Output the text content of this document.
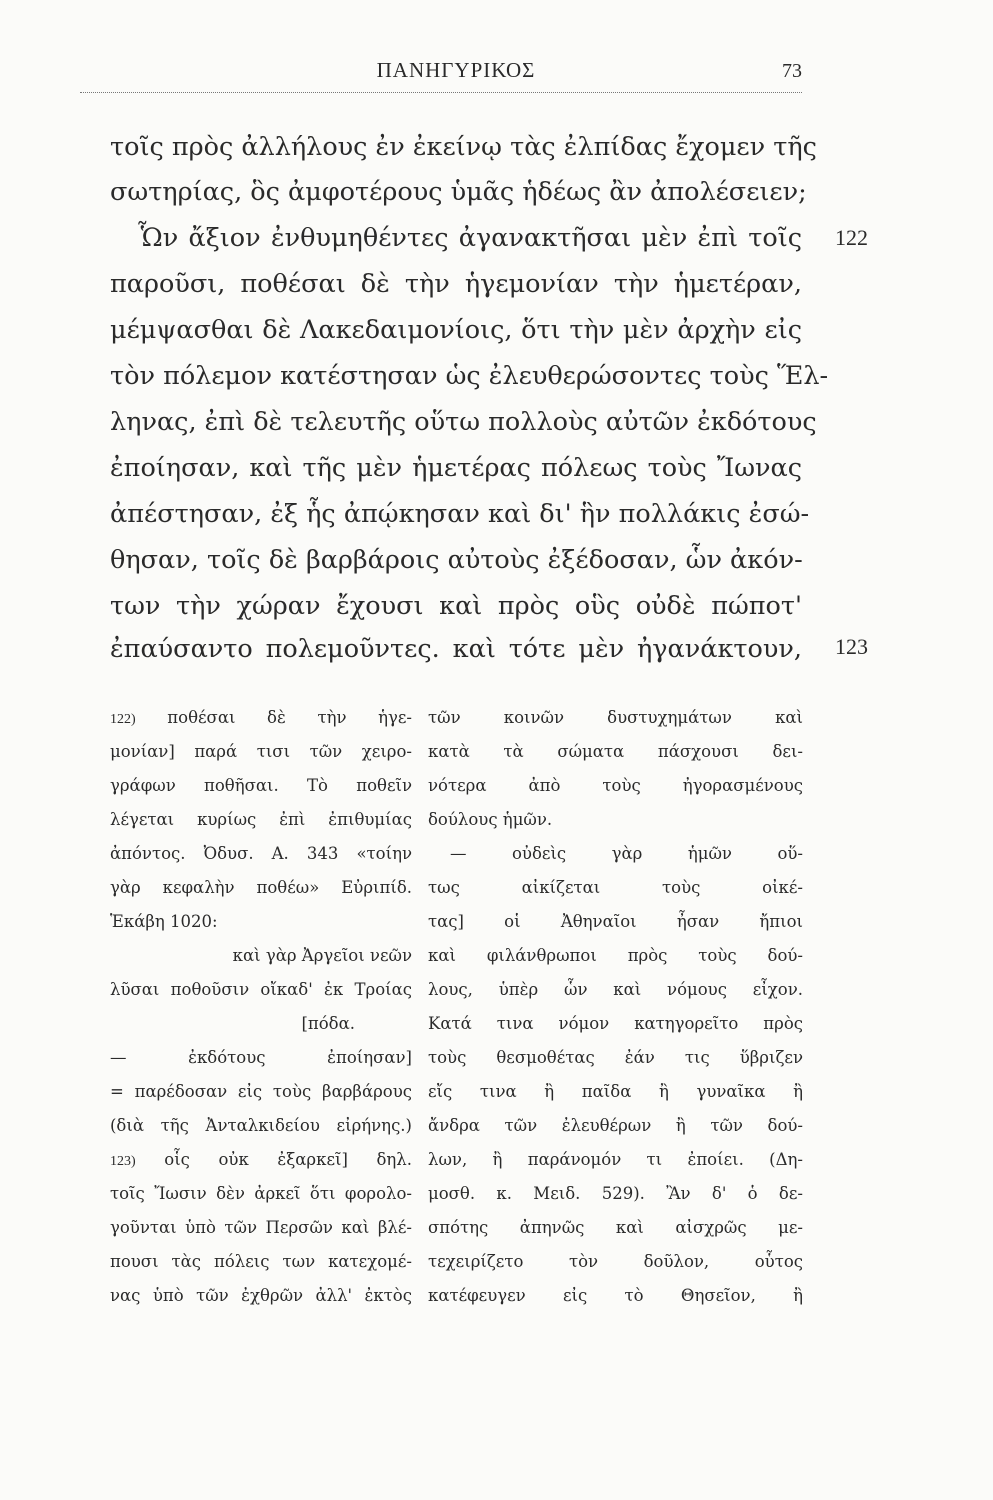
ΠΑΝΗΓΥΡΙΚΟΣ	73
τοῖς πρὸς ἀλλήλους ἐν ἐκείνῳ τὰς ἐλπίδας ἔχομεν τῆς
σωτηρίας, ὃς ἀμφοτέρους ὑμᾶς ἡδέως ἂν ἀπολέσειεν;
Ὧν ἄξιον ἐνθυμηθέντες ἀγανακτῆσαι μὲν ἐπὶ τοῖς
παροῦσι, ποθέσαι δὲ τὴν ἡγεμονίαν τὴν ἡμετέραν,
μέμψασθαι δὲ Λακεδαιμονίοις, ὅτι τὴν μὲν ἀρχὴν εἰς
τὸν πόλεμον κατέστησαν ὡς ἐλευθερώσοντες τοὺς Ἕλ-
ληνας, ἐπὶ δὲ τελευτῆς οὕτω πολλοὺς αὐτῶν ἐκδότους
ἐποίησαν, καὶ τῆς μὲν ἡμετέρας πόλεως τοὺς Ἴωνας
ἀπέστησαν, ἐξ ἧς ἀπῴκησαν καὶ δι' ἣν πολλάκις ἐσώ-
θησαν, τοῖς δὲ βαρβάροις αὐτοὺς ἐξέδοσαν, ὧν ἀκόν-
των τὴν χώραν ἔχουσι καὶ πρὸς οὓς οὐδὲ πώποτ'
ἐπαύσαντο πολεμοῦντες. καὶ τότε μὲν ἠγανάκτουν,
122
123
122) ποθέσαι δὲ τὴν ἡγε-
μονίαν] παρά τισι τῶν χειρο-
γράφων ποθῆσαι. Τὸ ποθεῖν
λέγεται κυρίως ἐπὶ ἐπιθυμίας
ἀπόντος. Ὀδυσ. Α. 343 «τοίην
γὰρ κεφαλὴν ποθέω» Εὐριπίδ.
Ἑκάβη 1020:
καὶ γὰρ Ἀργεῖοι νεῶν
λῦσαι ποθοῦσιν οἴκαδ' ἐκ Τροίας
[πόδα.
— ἐκδότους ἐποίησαν]
= παρέδοσαν εἰς τοὺς βαρβάρους
(διὰ τῆς Ἀνταλκιδείου εἰρήνης.)
123) οἷς οὐκ ἐξαρκεῖ] δηλ.
τοῖς Ἴωσιν δὲν ἀρκεῖ ὅτι φορολο-
γοῦνται ὑπὸ τῶν Περσῶν καὶ βλέ-
πουσι τὰς πόλεις των κατεχομέ-
νας ὑπὸ τῶν ἐχθρῶν ἀλλ' ἐκτὸς
τῶν κοινῶν δυστυχημάτων καὶ
κατὰ τὰ σώματα πάσχουσι δει-
νότερα ἀπὸ τοὺς ἠγορασμένους
δούλους ἡμῶν.
— οὐδεὶς γὰρ ἡμῶν οὕ-
τως αἰκίζεται τοὺς οἰκέ-
τας] οἱ Ἀθηναῖοι ἦσαν ἤπιοι
καὶ φιλάνθρωποι πρὸς τοὺς δού-
λους, ὑπὲρ ὧν καὶ νόμους εἶχον.
Κατά τινα νόμον κατηγορεῖτο πρὸς
τοὺς θεσμοθέτας ἐάν τις ὕβριζεν
εἴς τινα ἢ παῖδα ἢ γυναῖκα ἢ
ἄνδρα τῶν ἐλευθέρων ἢ τῶν δού-
λων, ἢ παράνομόν τι ἐποίει. (Δη-
μοσθ. κ. Μειδ. 529). Ἂν δ' ὁ δε-
σπότης ἀπηνῶς καὶ αἰσχρῶς με-
τεχειρίζετο τὸν δοῦλον, οὗτος
κατέφευγεν εἰς τὸ Θησεῖον, ἢ
